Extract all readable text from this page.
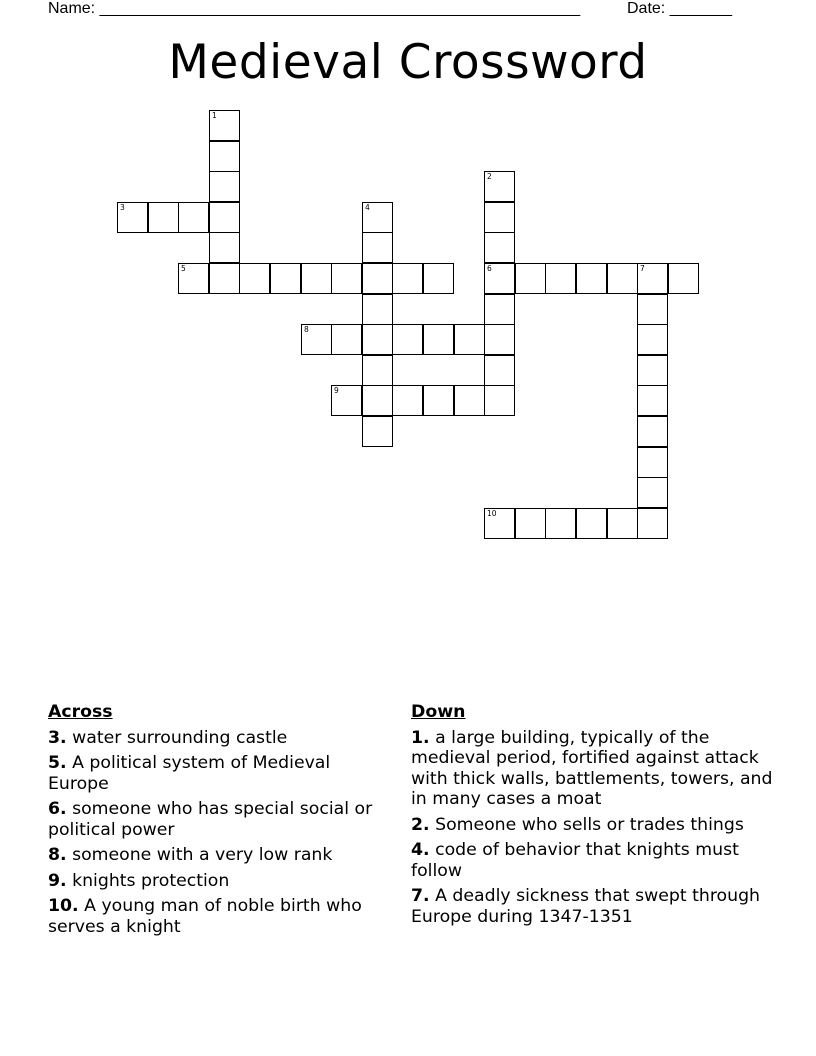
Name: ______________________________________________________	Date: _______
Medieval Crossword
1
3
5
4
2
6	7
8
9
10
Across
3. water surrounding castle
5. A political system of Medieval Europe
6. someone who has special social or political power
8. someone with a very low rank
9. knights protection
10. A young man of noble birth who serves a knight
Down
1. a large building, typically of the medieval period, fortified against attack with thick walls, battlements, towers, and in many cases a moat
2. Someone who sells or trades things
4. code of behavior that knights must follow
7. A deadly sickness that swept through Europe during 1347-1351
